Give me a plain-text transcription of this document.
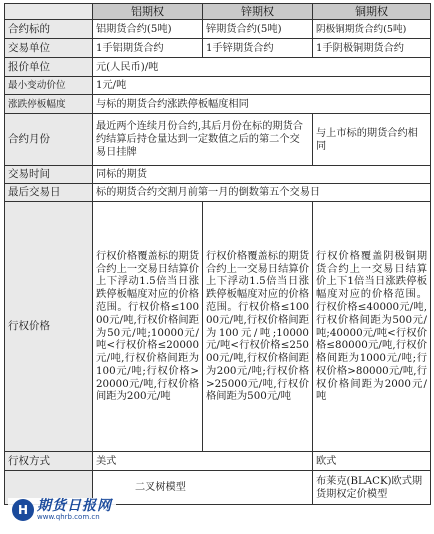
	铝期权	锌期权	铜期权
合约标的	铝期货合约(5吨)	锌期货合约(5吨)	阴极铜期货合约(5吨)
交易单位	1手铝期货合约	1手锌期货合约	1手阴极铜期货合约
报价单位	元(人民币)/吨		
最小变动价位	1元/吨		
涨跌停板幅度	与标的期货合约涨跌停板幅度相同		
合约月份	最近两个连续月份合约,其后月份在标的期货合约结算后持仓量达到一定数值之后的第二个交易日挂牌		与上市标的期货合约相同
交易时间	同标的期货		
最后交易日	标的期货合约交割月前第一月的倒数第五个交易日		
行权价格	行权价格覆盖标的期货合约上一交易日结算价上下浮动1.5倍当日涨跌停板幅度对应的价格范围。行权价格≤10000元/吨,行权价格间距为50元/吨;10000元/吨<行权价格≤20000元/吨,行权价格间距为100元/吨;行权价格>20000元/吨,行权价格间距为200元/吨	行权价格覆盖标的期货合约上一交易日结算价上下浮动1.5倍当日涨跌停板幅度对应的价格范围。行权价格≤10000元/吨,行权价格间距为100元/吨;10000元/吨<行权价格≤25000元/吨,行权价格间距为200元/吨;行权价格>25000元/吨,行权价格间距为500元/吨	行权价格覆盖阴极铜期货合约上一交易日结算价上下1倍当日涨跌停板幅度对应的价格范围。行权价格≤40000元/吨,行权价格间距为500元/吨;40000元/吨<行权价格≤80000元/吨,行权价格间距为1000元/吨;行权价格>80000元/吨,行权价格间距为2000元/吨
行权方式	美式		欧式
	二叉树模型		布莱克(BLACK)欧式期货期权定价模型
H 期货日报网
www.qhrb.com.cn
